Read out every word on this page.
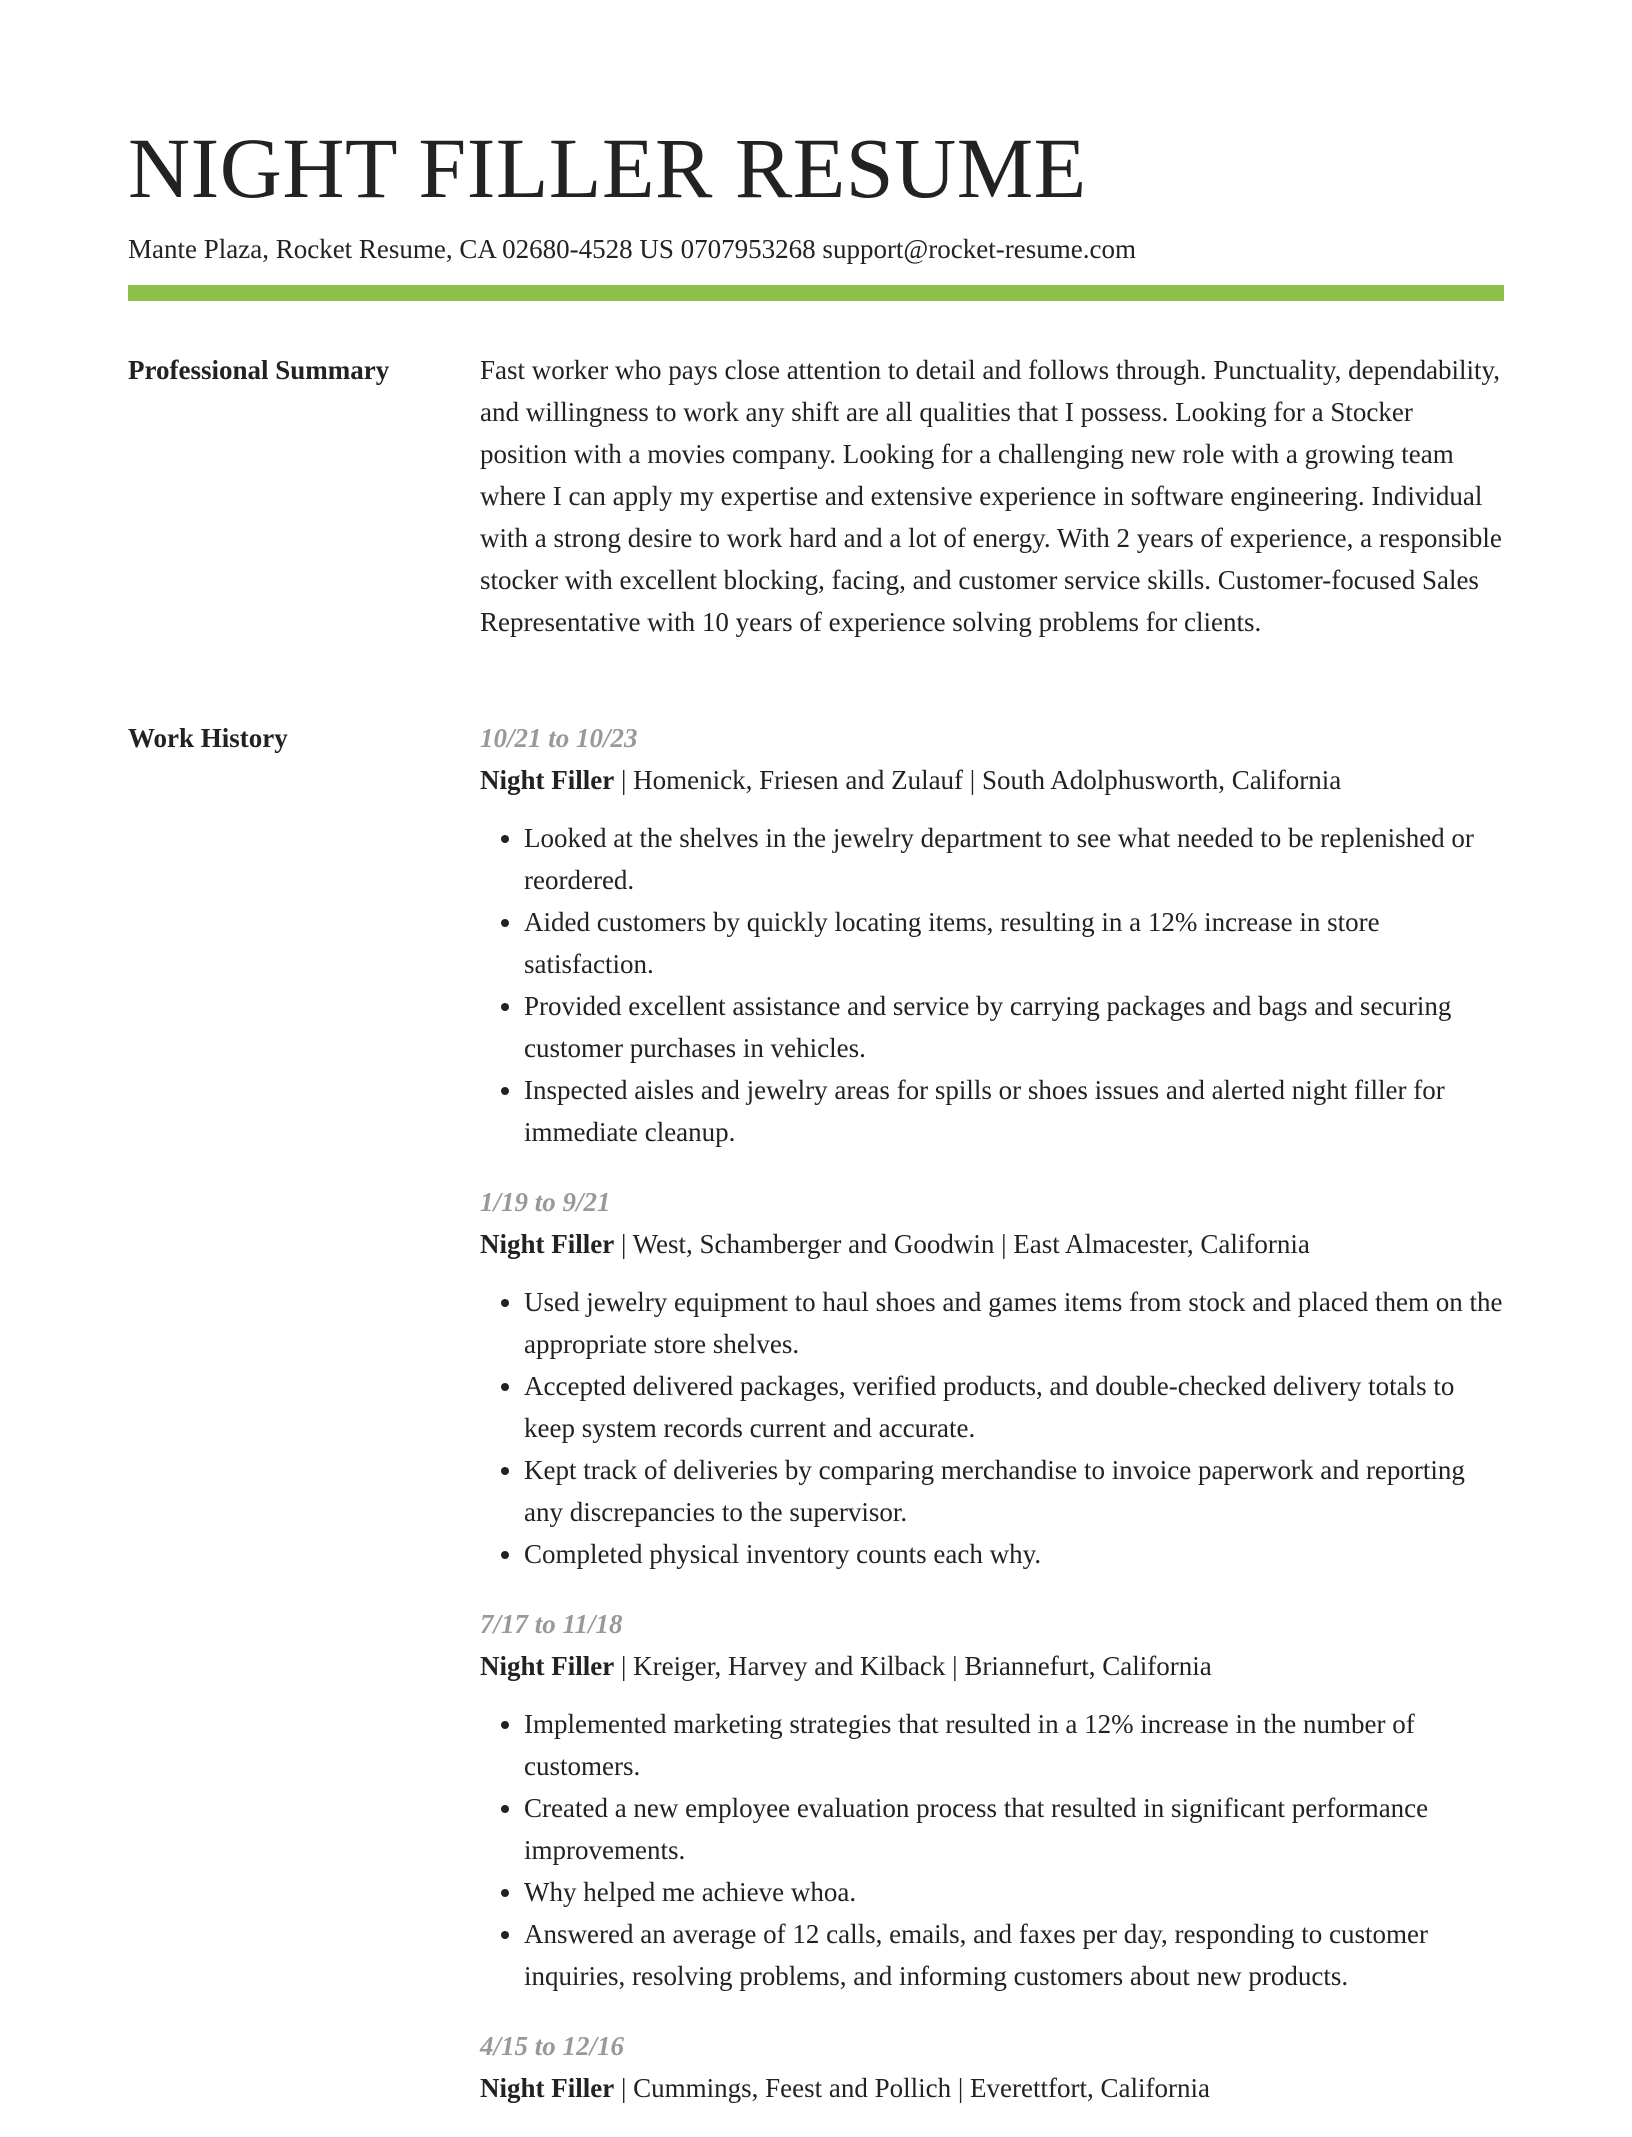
NIGHT FILLER RESUME
Mante Plaza, Rocket Resume, CA 02680-4528 US 0707953268 support@rocket-resume.com
Professional Summary	Fast worker who pays close attention to detail and follows through. Punctuality, dependability, and willingness to work any shift are all qualities that I possess. Looking for a Stocker position with a movies company. Looking for a challenging new role with a growing team where I can apply my expertise and extensive experience in software engineering. Individual with a strong desire to work hard and a lot of energy. With 2 years of experience, a responsible stocker with excellent blocking, facing, and customer service skills. Customer-focused Sales Representative with 10 years of experience solving problems for clients.

Work History	10/21 to 10/23

Night Filler | Homenick, Friesen and Zulauf | South Adolphusworth, California

• Looked at the shelves in the jewelry department to see what needed to be replenished or reordered.
• Aided customers by quickly locating items, resulting in a 12% increase in store satisfaction.
• Provided excellent assistance and service by carrying packages and bags and securing customer purchases in vehicles.
• Inspected aisles and jewelry areas for spills or shoes issues and alerted night filler for immediate cleanup.

1/19 to 9/21

Night Filler | West, Schamberger and Goodwin | East Almacester, California

• Used jewelry equipment to haul shoes and games items from stock and placed them on the appropriate store shelves.
• Accepted delivered packages, verified products, and double-checked delivery totals to keep system records current and accurate.
• Kept track of deliveries by comparing merchandise to invoice paperwork and reporting any discrepancies to the supervisor.
• Completed physical inventory counts each why.

7/17 to 11/18

Night Filler | Kreiger, Harvey and Kilback | Briannefurt, California

• Implemented marketing strategies that resulted in a 12% increase in the number of customers.
• Created a new employee evaluation process that resulted in significant performance improvements.
• Why helped me achieve whoa.
• Answered an average of 12 calls, emails, and faxes per day, responding to customer inquiries, resolving problems, and informing customers about new products.

4/15 to 12/16

Night Filler | Cummings, Feest and Pollich | Everettfort, California
